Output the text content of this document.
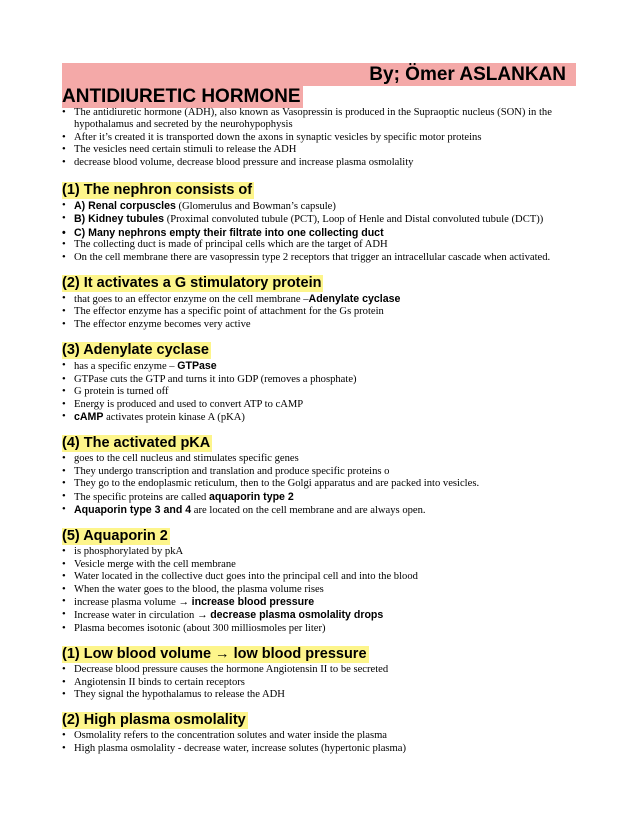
By; Ömer ASLANKAN
ANTIDIURETIC HORMONE
• The antidiuretic hormone (ADH), also known as Vasopressin is produced in the Supraoptic nucleus (SON) in the hypothalamus and secreted by the neurohypophysis
• After it’s created it is transported down the axons in synaptic vesicles by specific motor proteins
• The vesicles need certain stimuli to release the ADH
• decrease blood volume, decrease blood pressure and increase plasma osmolality
(1) The nephron consists of
• A) Renal corpuscles (Glomerulus and Bowman’s capsule)
• B) Kidney tubules (Proximal convoluted tubule (PCT), Loop of Henle and Distal convoluted tubule (DCT))
• C) Many nephrons empty their filtrate into one collecting duct
• The collecting duct is made of principal cells which are the target of ADH
• On the cell membrane there are vasopressin type 2 receptors that trigger an intracellular cascade when activated.
(2) It activates a G stimulatory protein
• that goes to an effector enzyme on the cell membrane –Adenylate cyclase
• The effector enzyme has a specific point of attachment for the Gs protein
• The effector enzyme becomes very active
(3) Adenylate cyclase
• has a specific enzyme – GTPase
• GTPase cuts the GTP and turns it into GDP (removes a phosphate)
• G protein is turned off
• Energy is produced and used to convert ATP to cAMP
• cAMP activates protein kinase A (pKA)
(4) The activated pKA
• goes to the cell nucleus and stimulates specific genes
• They undergo transcription and translation and produce specific proteins o
• They go to the endoplasmic reticulum, then to the Golgi apparatus and are packed into vesicles.
• The specific proteins are called aquaporin type 2
• Aquaporin type 3 and 4 are located on the cell membrane and are always open.
(5) Aquaporin 2
• is phosphorylated by pkA
• Vesicle merge with the cell membrane
• Water located in the collective duct goes into the principal cell and into the blood
• When the water goes to the blood, the plasma volume rises
• increase plasma volume → increase blood pressure
• Increase water in circulation → decrease plasma osmolality drops
• Plasma becomes isotonic (about 300 milliosmoles per liter)
(1) Low blood volume → low blood pressure
• Decrease blood pressure causes the hormone Angiotensin II to be secreted
• Angiotensin II binds to certain receptors
• They signal the hypothalamus to release the ADH
(2) High plasma osmolality
• Osmolality refers to the concentration solutes and water inside the plasma
• High plasma osmolality - decrease water, increase solutes (hypertonic plasma)
